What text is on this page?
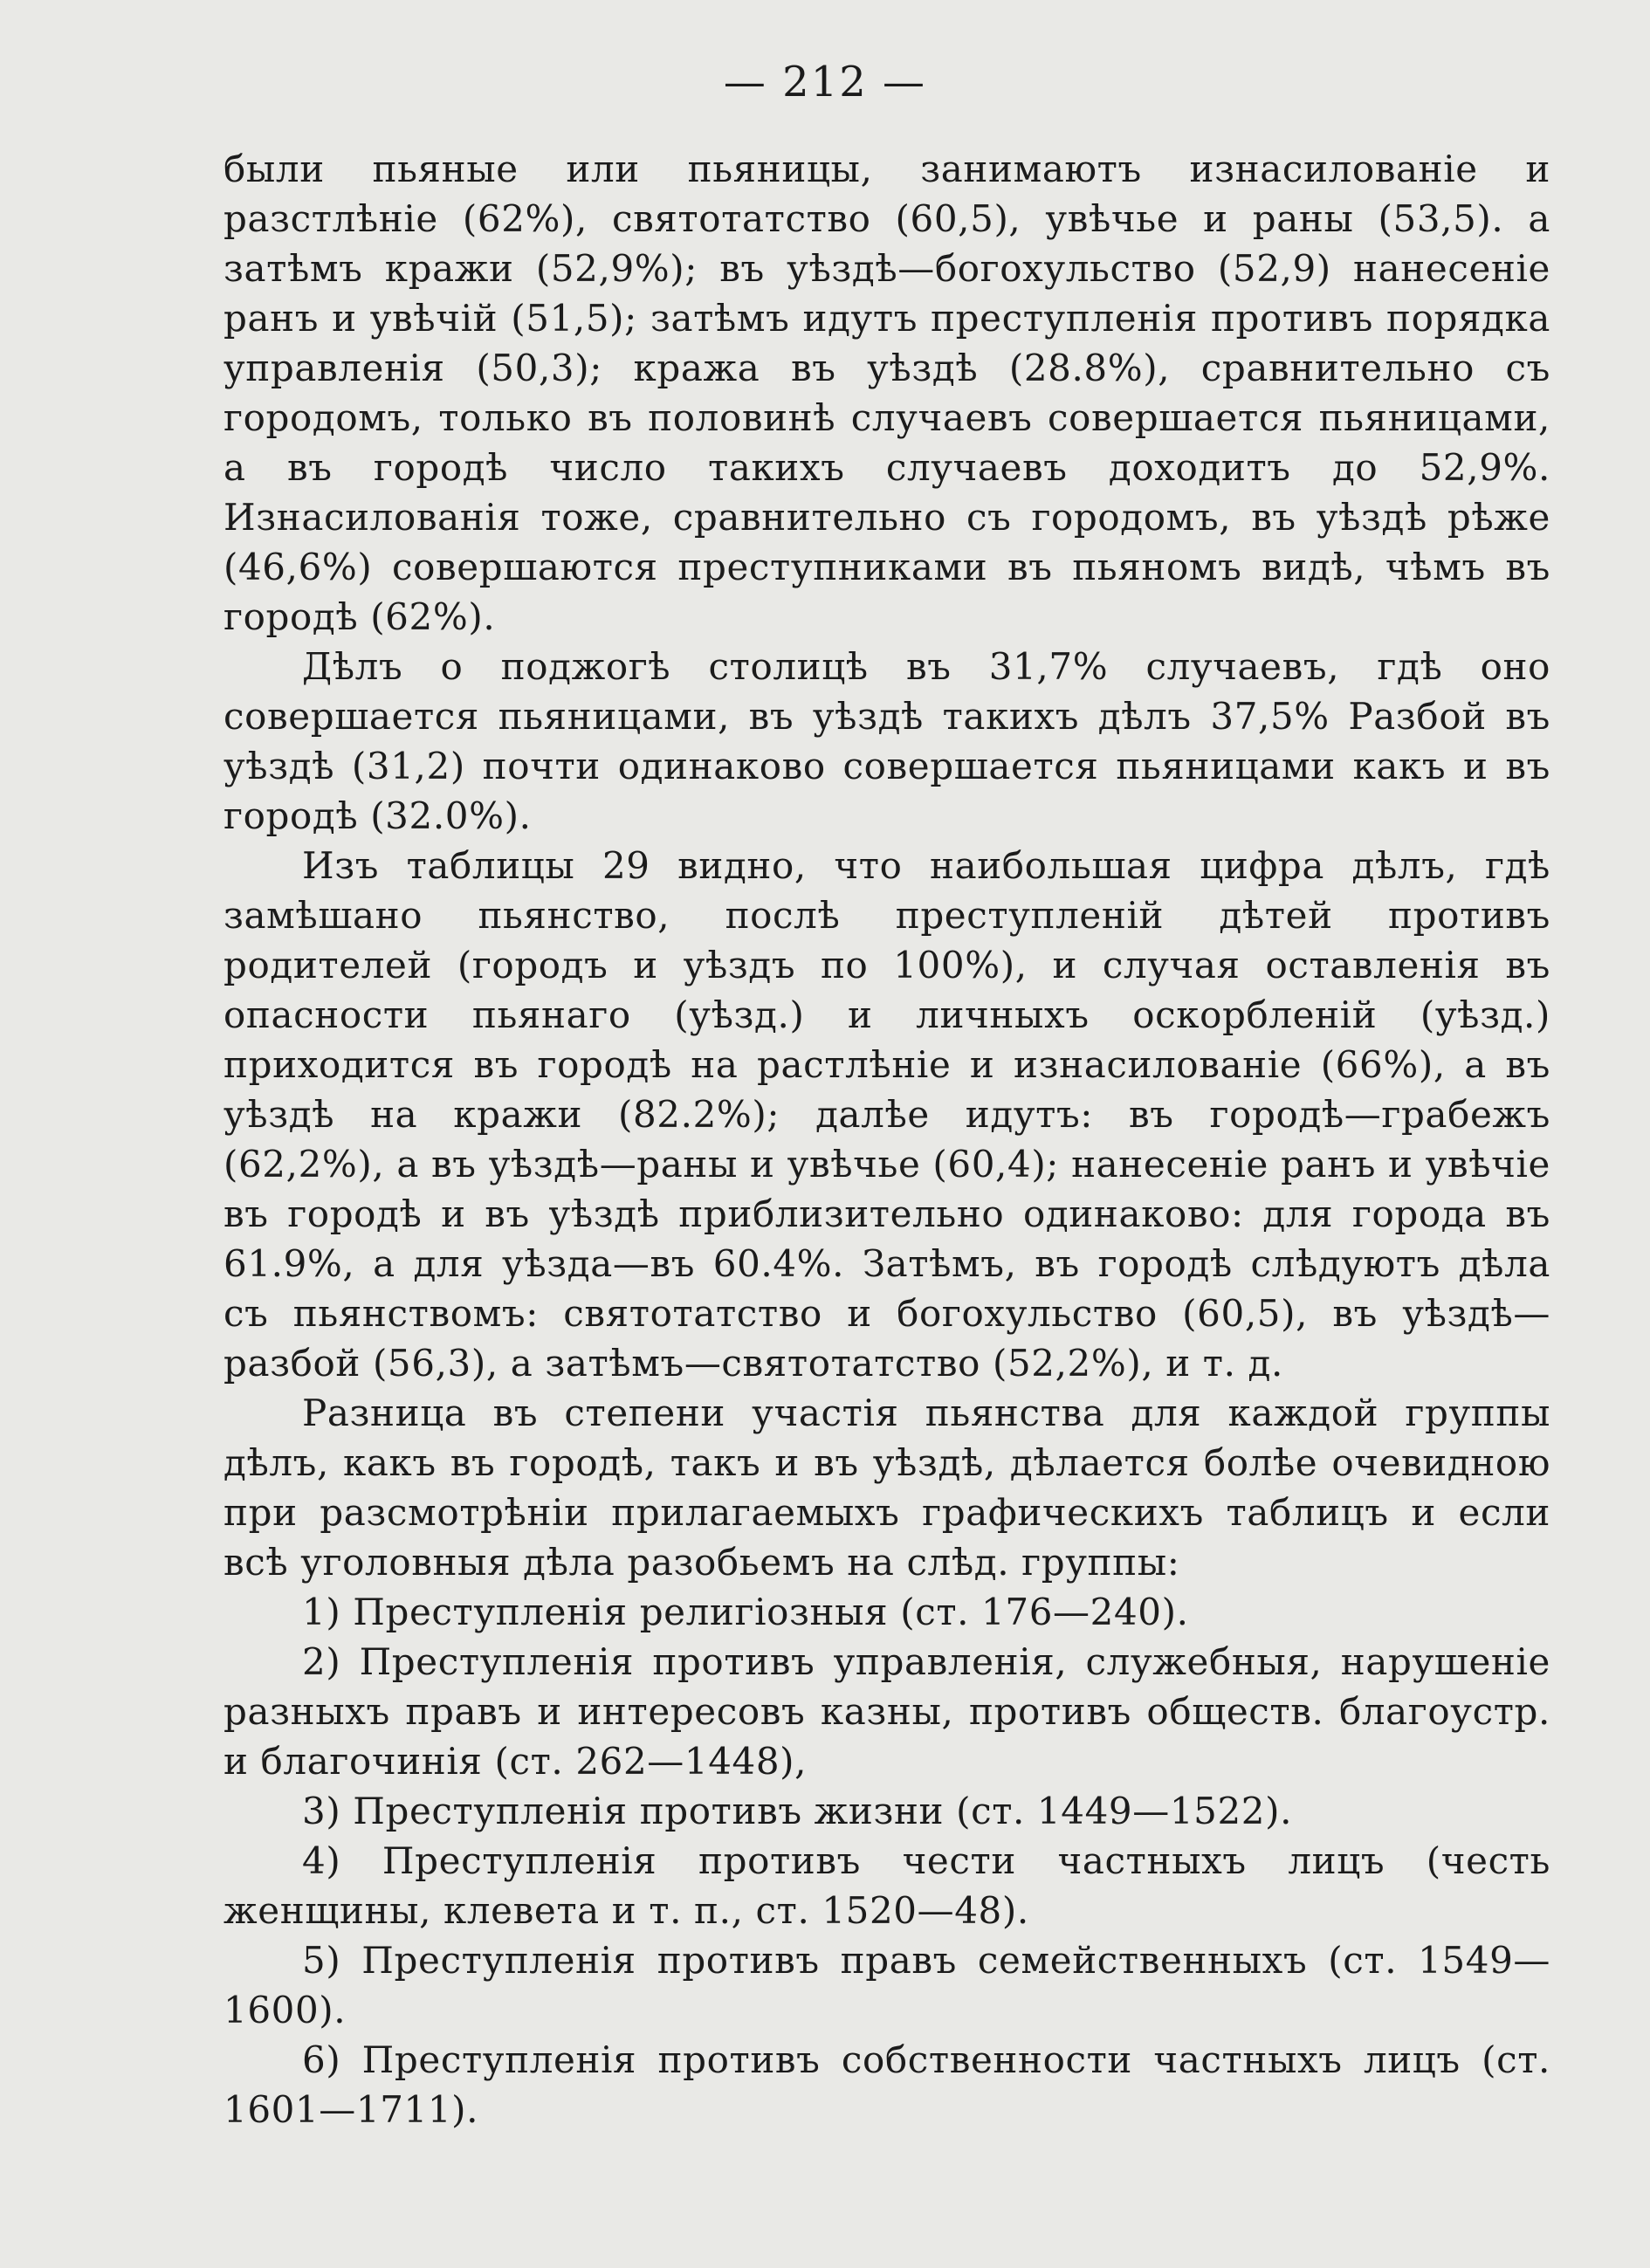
— 212 —

были пьяные или пьяницы, занимаютъ изнасилованіе и разстлѣніе (62%), святотатство (60,5), увѣчье и раны (53,5). а затѣмъ кражи (52,9%); въ уѣздѣ—богохульство (52,9) нанесеніе ранъ и увѣчій (51,5); затѣмъ идутъ преступленія противъ порядка управленія (50,3); кража въ уѣздѣ (28.8%), сравнительно съ городомъ, только въ половинѣ случаевъ совершается пьяницами, а въ городѣ число такихъ случаевъ доходитъ до 52,9%. Изнасилованія тоже, сравнительно съ городомъ, въ уѣздѣ рѣже (46,6%) совершаются преступниками въ пьяномъ видѣ, чѣмъ въ городѣ (62%).

Дѣлъ о поджогѣ столицѣ въ 31,7% случаевъ, гдѣ оно совершается пьяницами, въ уѣздѣ такихъ дѣлъ 37,5% Разбой въ уѣздѣ (31,2) почти одинаково совершается пьяницами какъ и въ городѣ (32.0%).

Изъ таблицы 29 видно, что наибольшая цифра дѣлъ, гдѣ замѣшано пьянство, послѣ преступленій дѣтей противъ родителей (городъ и уѣздъ по 100%), и случая оставленія въ опасности пьянаго (уѣзд.) и личныхъ оскорбленій (уѣзд.) приходится въ городѣ на растлѣніе и изнасилованіе (66%), а въ уѣздѣ на кражи (82.2%); далѣе идутъ: въ городѣ—грабежъ (62,2%), а въ уѣздѣ—раны и увѣчье (60,4); нанесеніе ранъ и увѣчіе въ городѣ и въ уѣздѣ приблизительно одинаково: для города въ 61.9%, а для уѣзда—въ 60.4%. Затѣмъ, въ городѣ слѣдуютъ дѣла съ пьянствомъ: святотатство и богохульство (60,5), въ уѣздѣ—разбой (56,3), а затѣмъ—святотатство (52,2%), и т. д.

Разница въ степени участія пьянства для каждой группы дѣлъ, какъ въ городѣ, такъ и въ уѣздѣ, дѣлается болѣе очевидною при разсмотрѣніи прилагаемыхъ графическихъ таблицъ и если всѣ уголовныя дѣла разобьемъ на слѣд. группы:

1) Преступленія религіозныя (ст. 176—240).

2) Преступленія противъ управленія, служебныя, нарушеніе разныхъ правъ и интересовъ казны, противъ обществ. благоустр. и благочинія (ст. 262—1448),

3) Преступленія противъ жизни (ст. 1449—1522).

4) Преступленія противъ чести частныхъ лицъ (честь женщины, клевета и т. п., ст. 1520—48).

5) Преступленія противъ правъ семейственныхъ (ст. 1549—1600).

6) Преступленія противъ собственности частныхъ лицъ (ст. 1601—1711).
